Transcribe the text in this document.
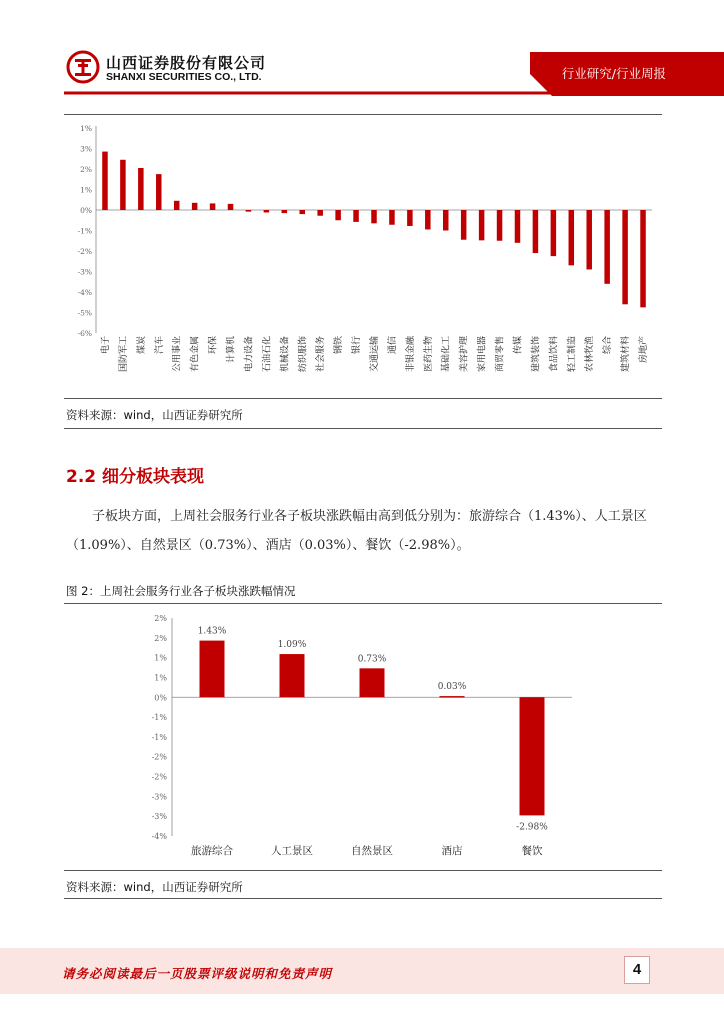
山西证券股份有限公司
SHANXI SECURITIES CO., LTD.	行业研究/行业周报
1%
3%
2%
1%
0%
-1%
-2%
-3%
-4%
-5%
-6%
电子 国防军工 煤炭 汽车 公用事业 有色金属 环保 计算机 电力设备 石油石化 机械设备 纺织服饰 社会服务 钢铁 银行 交通运输 通信 非银金融 医药生物 基础化工 美容护理 家用电器 商贸零售 传媒 建筑装饰 食品饮料 轻工制造 农林牧渔 综合 建筑材料 房地产
资料来源：wind，山西证券研究所
2.2 细分板块表现
子板块方面，上周社会服务行业各子板块涨跌幅由高到低分别为：旅游综合（1.43%）、人工景区（1.09%）、自然景区（0.73%）、酒店（0.03%）、餐饮（-2.98%）。
图 2：上周社会服务行业各子板块涨跌幅情况
2%
2%
1%
1%
0%
-1%
-1%
-2%
-2%
-3%
-3%
-4%
1.43%
旅游综合
1.09%
人工景区
0.73%
自然景区
0.03%
酒店
-2.98%
餐饮
资料来源：wind，山西证券研究所
请务必阅读最后一页股票评级说明和免责声明	4
